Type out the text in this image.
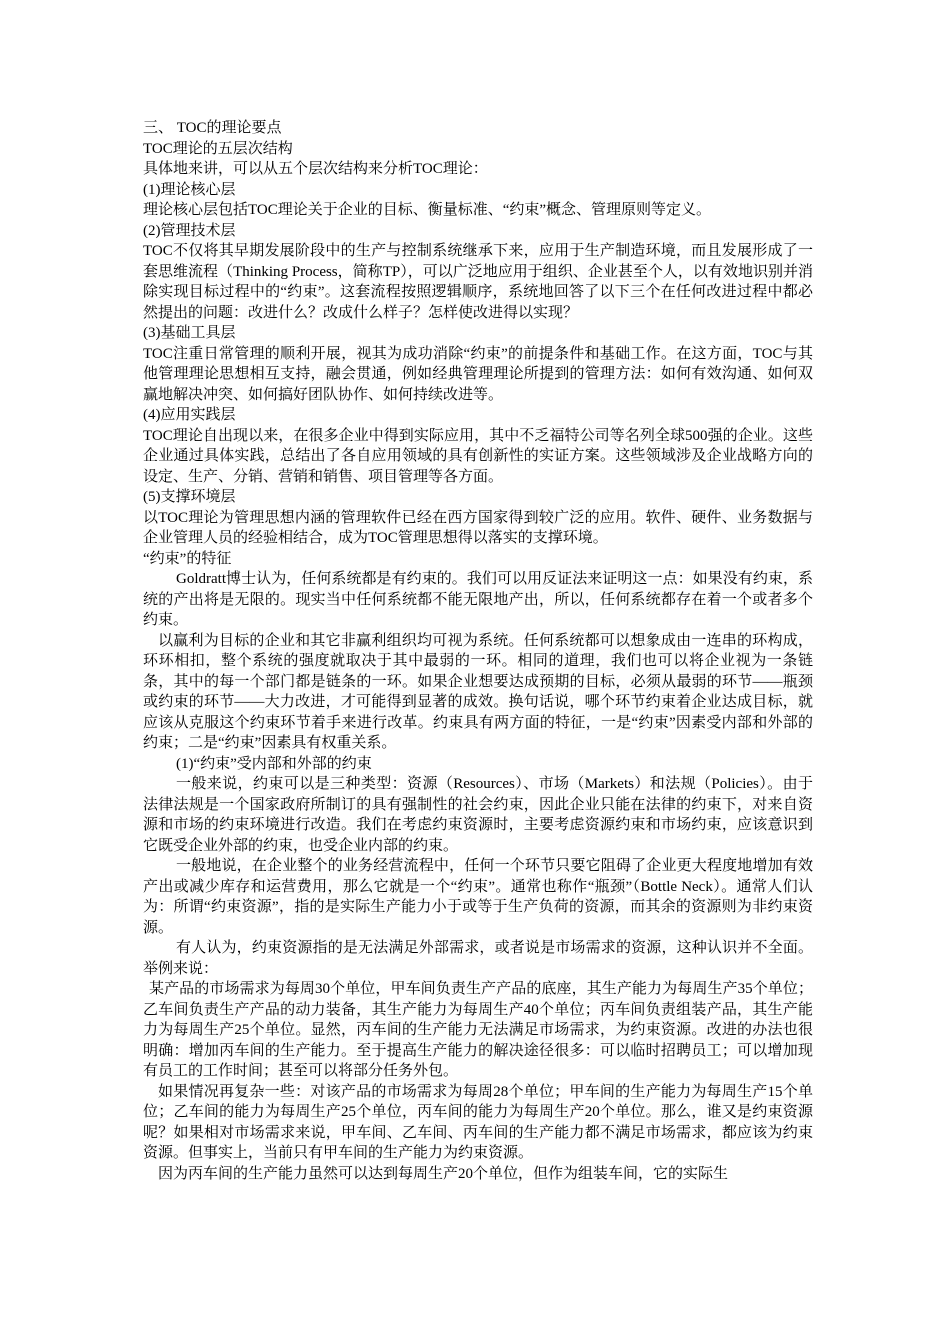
三、 TOC的理论要点

TOC理论的五层次结构

具体地来讲，可以从五个层次结构来分析TOC理论：

(1)理论核心层

理论核心层包括TOC理论关于企业的目标、衡量标准、“约束”概念、管理原则等定义。

(2)管理技术层

TOC不仅将其早期发展阶段中的生产与控制系统继承下来，应用于生产制造环境，而且发展形成了一套思维流程（Thinking Process，简称TP），可以广泛地应用于组织、企业甚至个人，以有效地识别并消除实现目标过程中的“约束”。这套流程按照逻辑顺序，系统地回答了以下三个在任何改进过程中都必然提出的问题：改进什么？改成什么样子？怎样使改进得以实现？

(3)基础工具层

TOC注重日常管理的顺利开展，视其为成功消除“约束”的前提条件和基础工作。在这方面，TOC与其他管理理论思想相互支持，融会贯通，例如经典管理理论所提到的管理方法：如何有效沟通、如何双赢地解决冲突、如何搞好团队协作、如何持续改进等。

(4)应用实践层

TOC理论自出现以来，在很多企业中得到实际应用，其中不乏福特公司等名列全球500强的企业。这些企业通过具体实践，总结出了各自应用领域的具有创新性的实证方案。这些领域涉及企业战略方向的设定、生产、分销、营销和销售、项目管理等各方面。

(5)支撑环境层

以TOC理论为管理思想内涵的管理软件已经在西方国家得到较广泛的应用。软件、硬件、业务数据与企业管理人员的经验相结合，成为TOC管理思想得以落实的支撑环境。

“约束”的特征

Goldratt博士认为，任何系统都是有约束的。我们可以用反证法来证明这一点：如果没有约束，系统的产出将是无限的。现实当中任何系统都不能无限地产出，所以，任何系统都存在着一个或者多个约束。

以赢利为目标的企业和其它非赢利组织均可视为系统。任何系统都可以想象成由一连串的环构成，环环相扣，整个系统的强度就取决于其中最弱的一环。相同的道理，我们也可以将企业视为一条链条，其中的每一个部门都是链条的一环。如果企业想要达成预期的目标，必须从最弱的环节——瓶颈或约束的环节——大力改进，才可能得到显著的成效。换句话说，哪个环节约束着企业达成目标，就应该从克服这个约束环节着手来进行改革。约束具有两方面的特征，一是“约束”因素受内部和外部的约束；二是“约束”因素具有权重关系。

(1)“约束”受内部和外部的约束

一般来说，约束可以是三种类型：资源（Resources）、市场（Markets）和法规（Policies）。由于法律法规是一个国家政府所制订的具有强制性的社会约束，因此企业只能在法律的约束下，对来自资源和市场的约束环境进行改造。我们在考虑约束资源时，主要考虑资源约束和市场约束，应该意识到它既受企业外部的约束，也受企业内部的约束。

一般地说，在企业整个的业务经营流程中，任何一个环节只要它阻碍了企业更大程度地增加有效产出或减少库存和运营费用，那么它就是一个“约束”。通常也称作“瓶颈”（Bottle Neck）。通常人们认为：所谓“约束资源”，指的是实际生产能力小于或等于生产负荷的资源，而其余的资源则为非约束资源。

有人认为，约束资源指的是无法满足外部需求，或者说是市场需求的资源，这种认识并不全面。举例来说：

某产品的市场需求为每周30个单位，甲车间负责生产产品的底座，其生产能力为每周生产35个单位；乙车间负责生产产品的动力装备，其生产能力为每周生产40个单位；丙车间负责组装产品，其生产能力为每周生产25个单位。显然，丙车间的生产能力无法满足市场需求，为约束资源。改进的办法也很明确：增加丙车间的生产能力。至于提高生产能力的解决途径很多：可以临时招聘员工；可以增加现有员工的工作时间；甚至可以将部分任务外包。

如果情况再复杂一些：对该产品的市场需求为每周28个单位；甲车间的生产能力为每周生产15个单位；乙车间的能力为每周生产25个单位，丙车间的能力为每周生产20个单位。那么，谁又是约束资源呢？如果相对市场需求来说，甲车间、乙车间、丙车间的生产能力都不满足市场需求，都应该为约束资源。但事实上，当前只有甲车间的生产能力为约束资源。

因为丙车间的生产能力虽然可以达到每周生产20个单位，但作为组装车间，它的实际生
